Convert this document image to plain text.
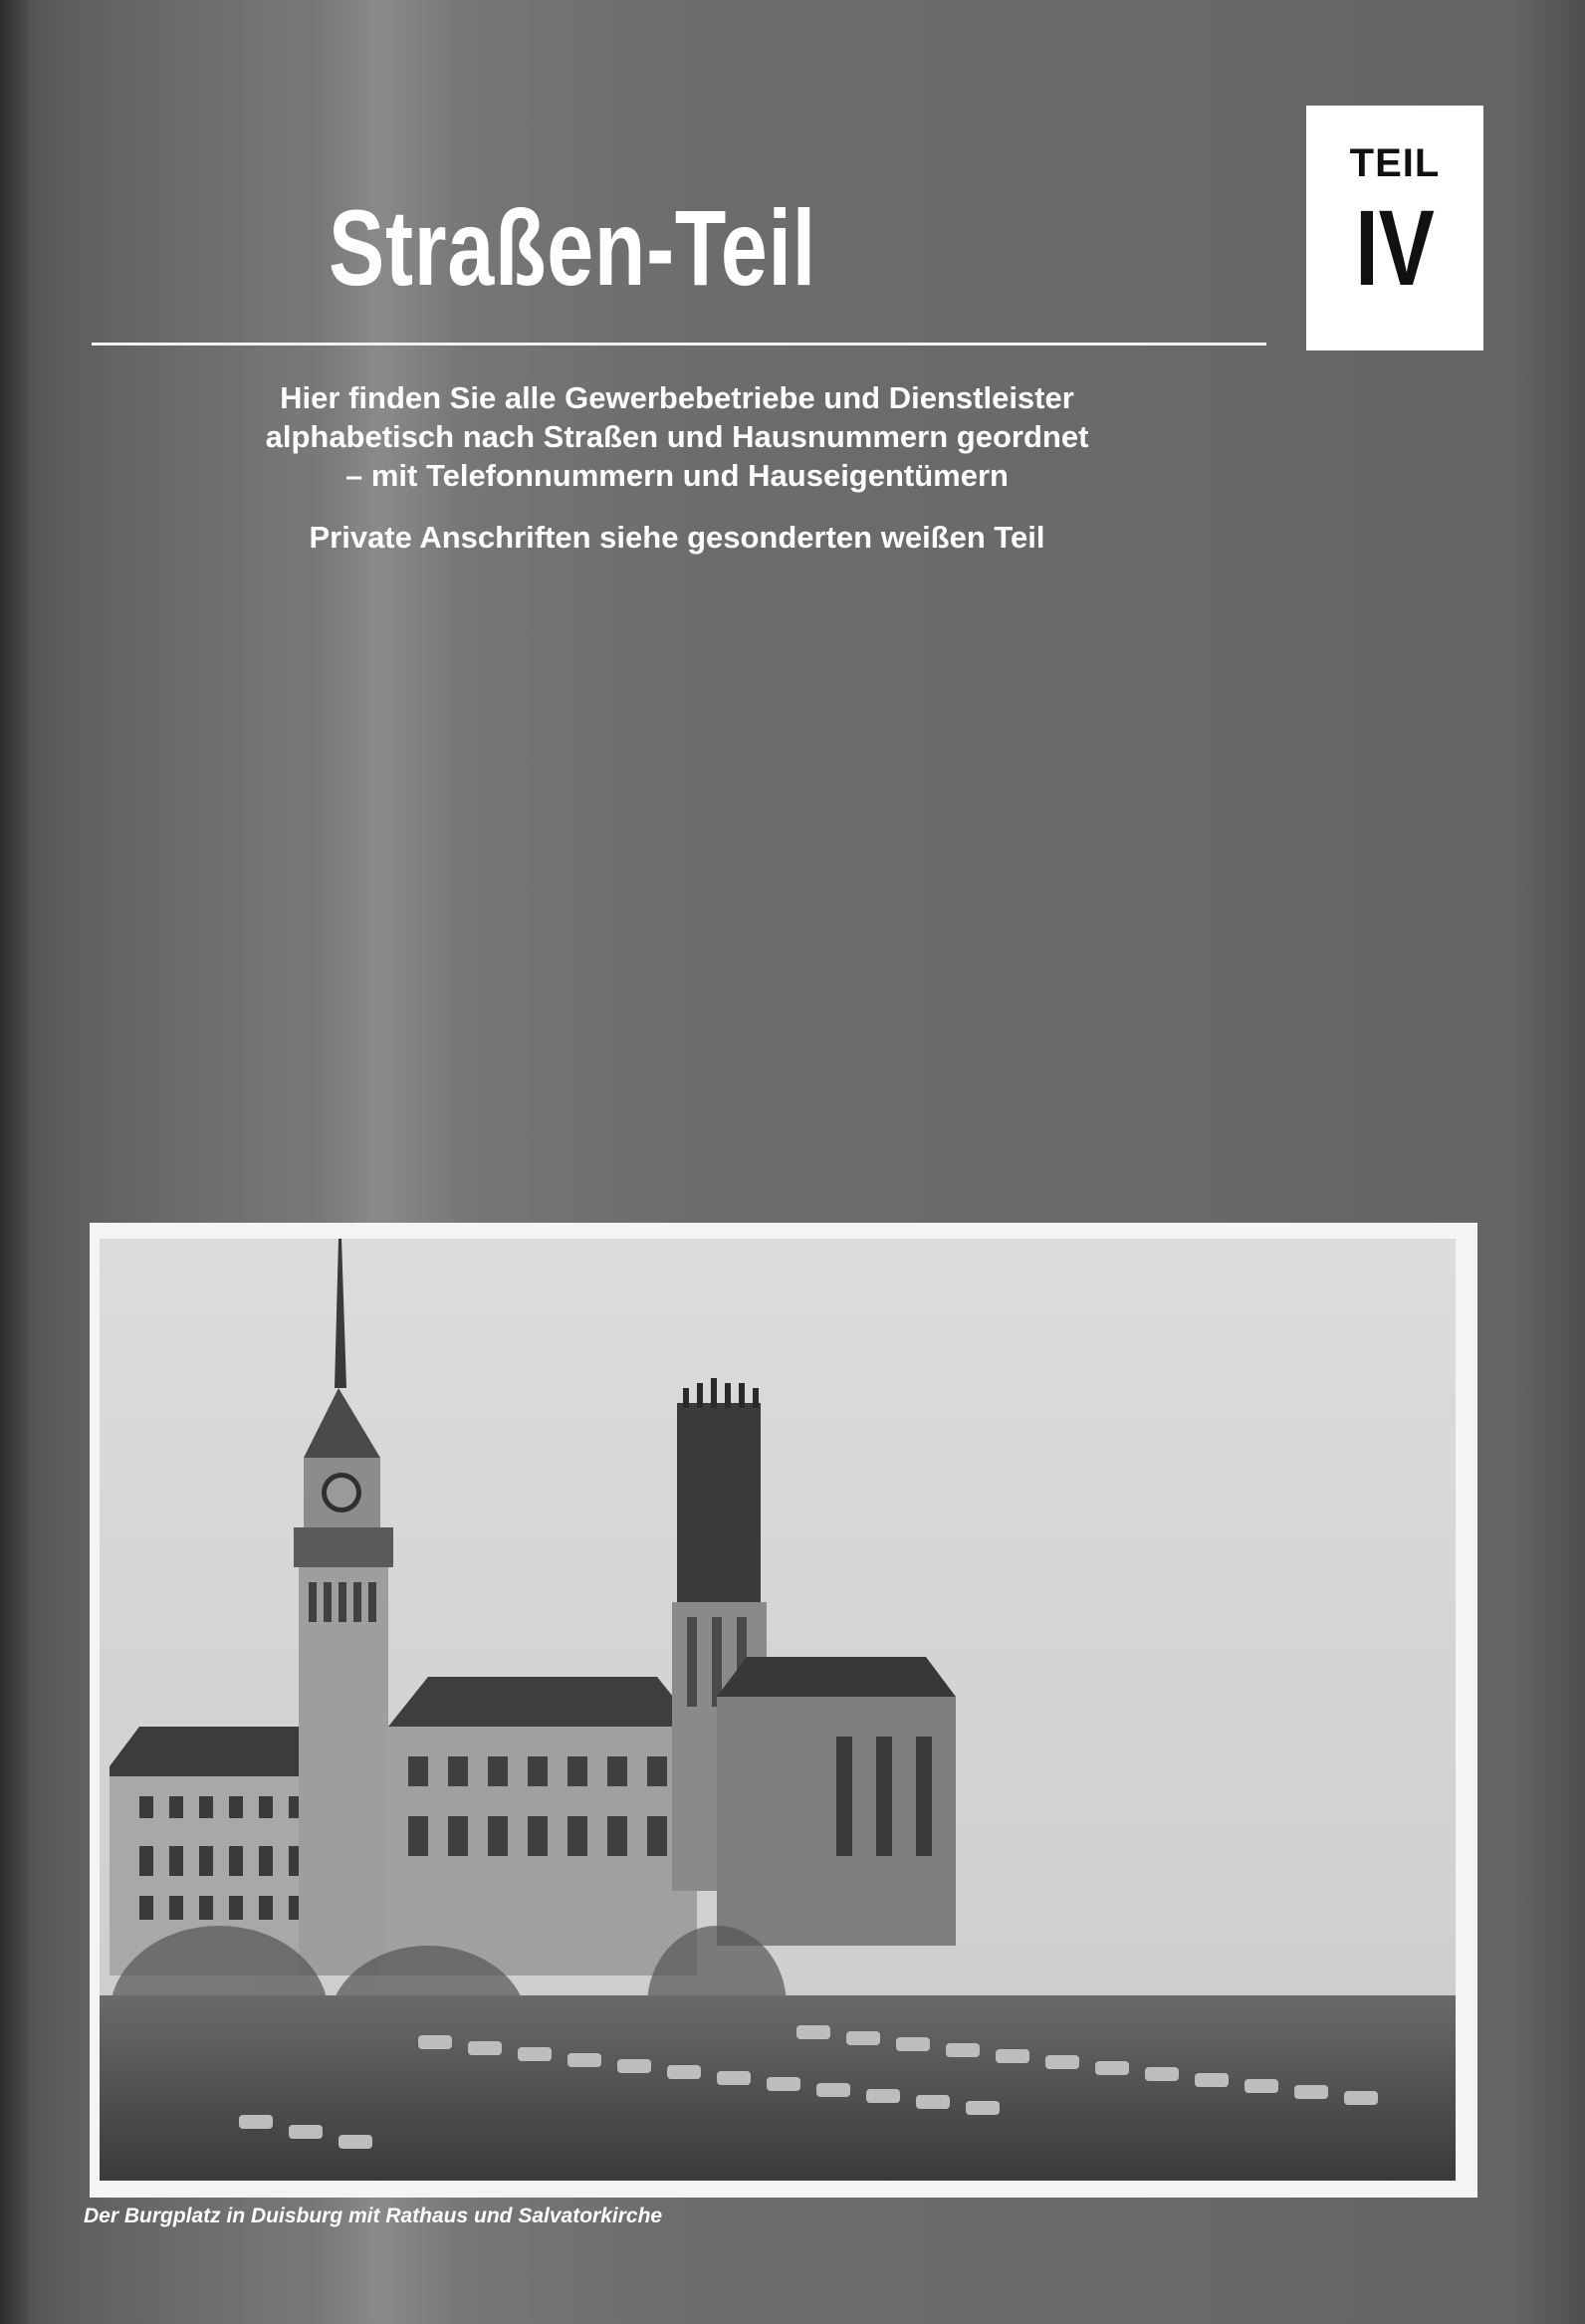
Straßen-Teil
TEIL
IV

Hier finden Sie alle Gewerbebetriebe und Dienstleister

alphabetisch nach Straßen und Hausnummern geordnet

– mit Telefonnummern und Hauseigentümern

Private Anschriften siehe gesonderten weißen Teil
Der Burgplatz in Duisburg mit Rathaus und Salvatorkirche
